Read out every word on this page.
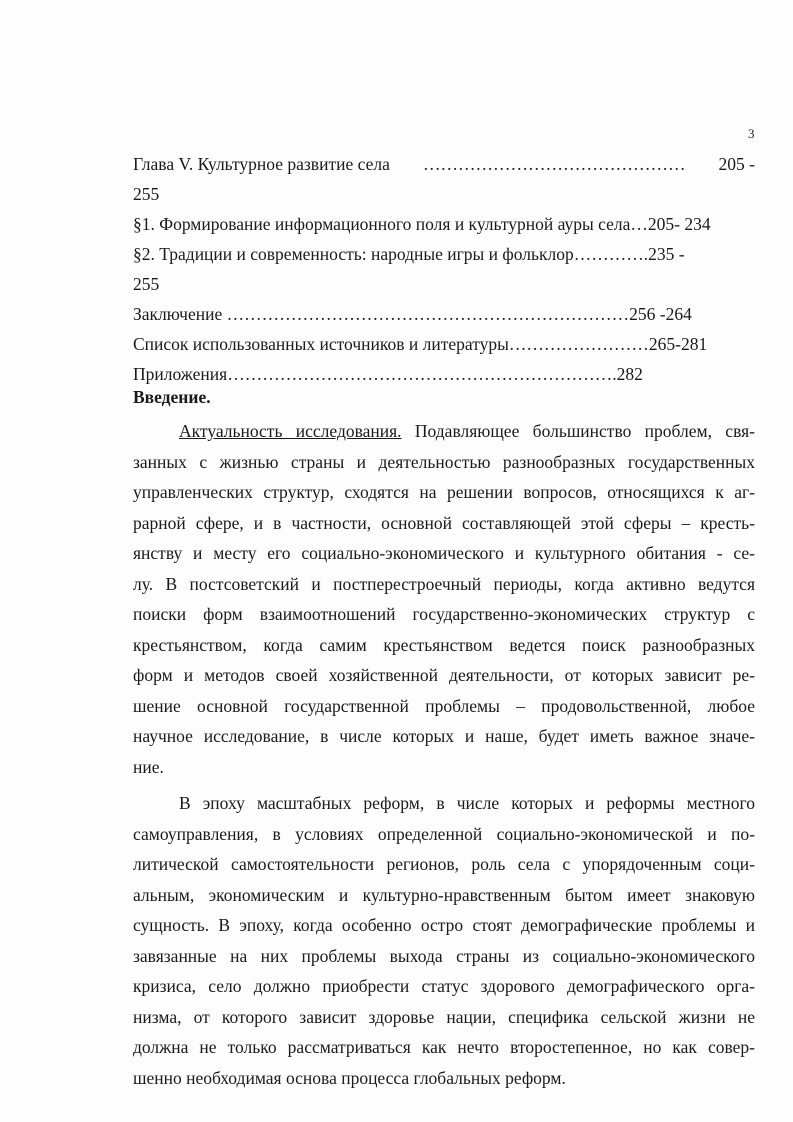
3
Глава V. Культурное развитие села ……………………………………… 205 -
255
§1. Формирование информационного поля и культурной ауры села…205- 234
§2. Традиции и современность: народные игры и фольклор………….235 -
255
Заключение ……………………………………………………………256 -264
Список использованных источников и литературы……………………265-281
Приложения………………………………………………………….282
Введение.
Актуальность исследования. Подавляющее большинство проблем, свя-
занных с жизнью страны и деятельностью разнообразных государственных
управленческих структур, сходятся на решении вопросов, относящихся к аг-
рарной сфере, и в частности, основной составляющей этой сферы – кресть-
янству и месту его социально-экономического и культурного обитания - се-
лу. В постсоветский и постперестроечный периоды, когда активно ведутся
поиски форм взаимоотношений государственно-экономических структур с
крестьянством, когда самим крестьянством ведется поиск разнообразных
форм и методов своей хозяйственной деятельности, от которых зависит ре-
шение основной государственной проблемы – продовольственной, любое
научное исследование, в числе которых и наше, будет иметь важное значе-
ние.
В эпоху масштабных реформ, в числе которых и реформы местного
самоуправления, в условиях определенной социально-экономической и по-
литической самостоятельности регионов, роль села с упорядоченным соци-
альным, экономическим и культурно-нравственным бытом имеет знаковую
сущность. В эпоху, когда особенно остро стоят демографические проблемы и
завязанные на них проблемы выхода страны из социально-экономического
кризиса, село должно приобрести статус здорового демографического орга-
низма, от которого зависит здоровье нации, специфика сельской жизни не
должна не только рассматриваться как нечто второстепенное, но как совер-
шенно необходимая основа процесса глобальных реформ.
